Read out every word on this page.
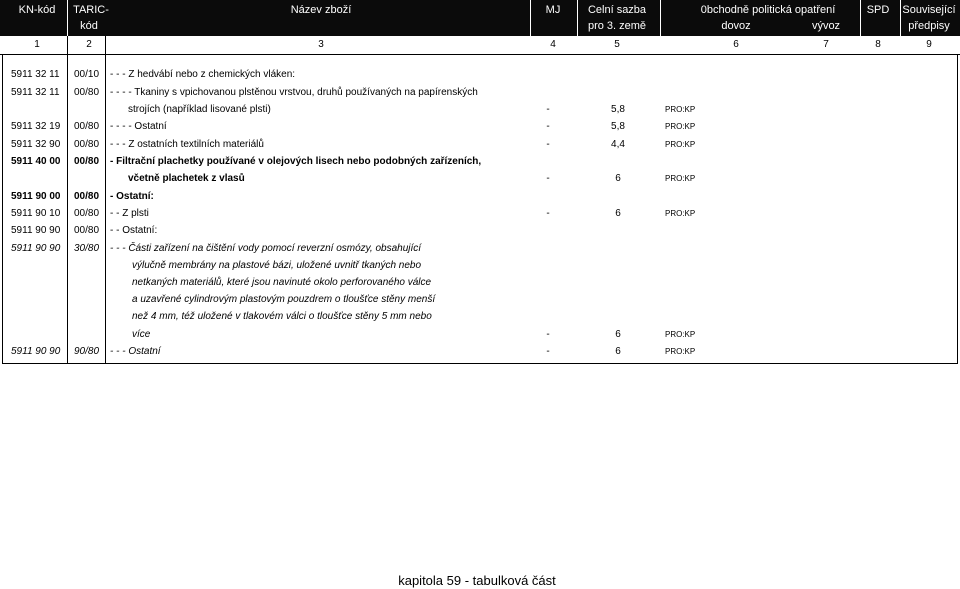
KN-kód TARIC-
kód
Název zboží	MJ	Celní sazba
pro 3. země
0bchodně politická opatření
dovoz	vývoz
SPD Související
předpisy
1	2	3	4	5	6	7	8	9
5911 32 11 00/10 - - - Z hedvábí nebo z chemických vláken:
5911 32 11 00/80 - - - - Tkaniny s vpichovanou plstěnou vrstvou, druhů používaných na papírenských
strojích (například lisované plsti)	-	5,8	PRO:KP
5911 32 19 00/80 - - - - Ostatní	-	5,8	PRO:KP
5911 32 90 00/80 - - - Z ostatních textilních materiálů	-	4,4	PRO:KP
5911 40 00 00/80 - Filtrační plachetky používané v olejových lisech nebo podobných zařízeních,
včetně plachetek z vlasů	-	6	PRO:KP
5911 90 00 00/80 - Ostatní:
5911 90 10 00/80 - - Z plsti	-	6	PRO:KP
5911 90 90 00/80 - - Ostatní:
5911 90 90 30/80 - - - Části zařízení na čištění vody pomocí reverzní osmózy, obsahující
výlučně membrány na plastové bázi, uložené uvnitř tkaných nebo
netkaných materiálů, které jsou navinuté okolo perforovaného válce
a uzavřené cylindrovým plastovým pouzdrem o tloušťce stěny menší
než 4 mm, též uložené v tlakovém válci o tloušťce stěny 5 mm nebo
více	-	6	PRO:KP
5911 90 90 90/80 - - - Ostatní	-	6	PRO:KP
kapitola 59 - tabulková část
